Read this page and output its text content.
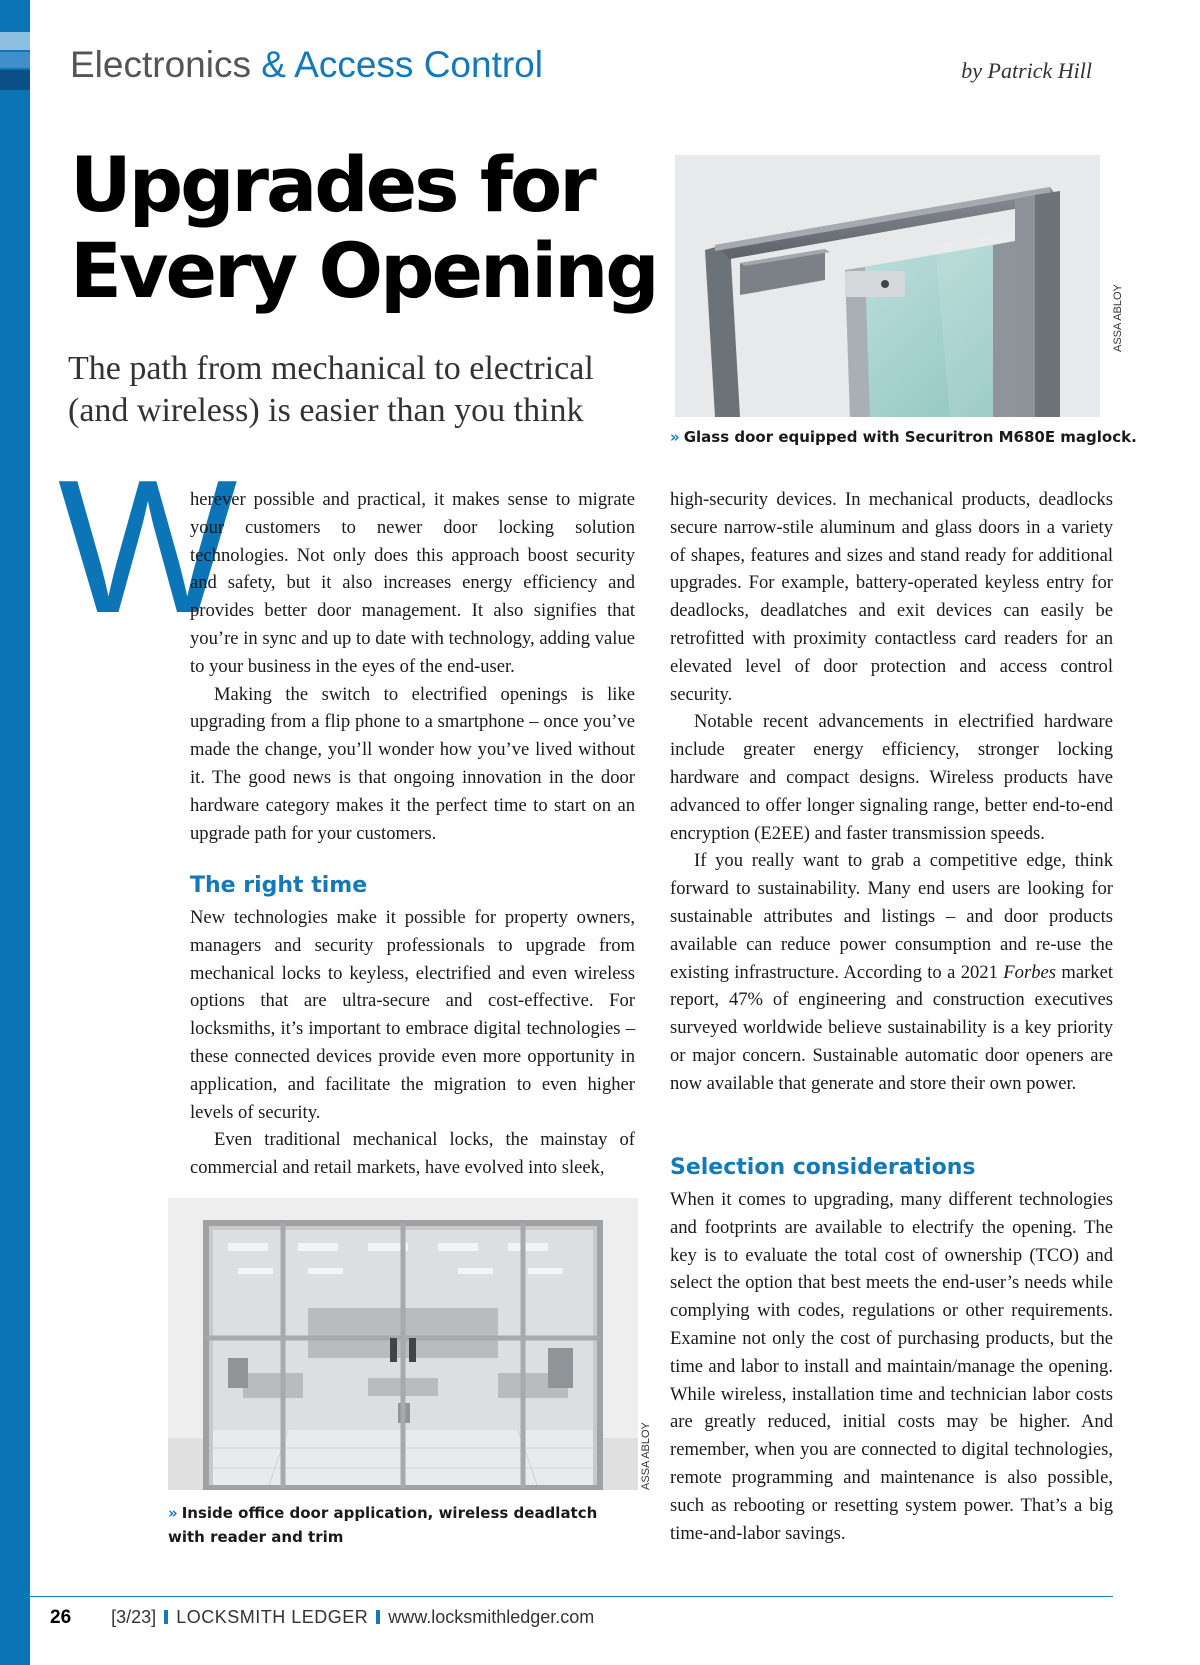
Electronics & Access Control	by Patrick Hill
Upgrades for
Every Opening
The path from mechanical to electrical (and wireless) is easier than you think
ASSA ABLOY
» Glass door equipped with Securitron M680E maglock.
W

herever possible and practical, it makes sense to migrate your customers to newer door locking solution technologies. Not only does this approach boost security and safety, but it also increases energy efficiency and provides better door management. It also signifies that you’re in sync and up to date with technology, adding value to your business in the eyes of the end-user.

Making the switch to electrified openings is like upgrading from a flip phone to a smartphone – once you’ve made the change, you’ll wonder how you’ve lived without it. The good news is that ongoing innovation in the door hardware category makes it the perfect time to start on an upgrade path for your customers.

The right time

New technologies make it possible for property owners, managers and security professionals to upgrade from mechanical locks to keyless, electrified and even wireless options that are ultra-secure and cost-effective. For locksmiths, it’s important to embrace digital technologies – these connected devices provide even more opportunity in application, and facilitate the migration to even higher levels of security.

Even traditional mechanical locks, the mainstay of commercial and retail markets, have evolved into sleek,

ASSA ABLOY
» Inside office door application, wireless deadlatch with reader and trim

high-security devices. In mechanical products, deadlocks secure narrow-stile aluminum and glass doors in a variety of shapes, features and sizes and stand ready for additional upgrades. For example, battery-operated keyless entry for deadlocks, deadlatches and exit devices can easily be retrofitted with proximity contactless card readers for an elevated level of door protection and access control security.

Notable recent advancements in electrified hardware include greater energy efficiency, stronger locking hardware and compact designs. Wireless products have advanced to offer longer signaling range, better end-to-end encryption (E2EE) and faster transmission speeds.

If you really want to grab a competitive edge, think forward to sustainability. Many end users are looking for sustainable attributes and listings – and door products available can reduce power consumption and re-use the existing infrastructure. According to a 2021 Forbes market report, 47% of engineering and construction executives surveyed worldwide believe sustainability is a key priority or major concern. Sustainable automatic door openers are now available that generate and store their own power.

Selection considerations

When it comes to upgrading, many different technologies and footprints are available to electrify the opening. The key is to evaluate the total cost of ownership (TCO) and select the option that best meets the end-user’s needs while complying with codes, regulations or other requirements. Examine not only the cost of purchasing products, but the time and labor to install and maintain/manage the opening. While wireless, installation time and technician labor costs are greatly reduced, initial costs may be higher. And remember, when you are connected to digital technologies, remote programming and maintenance is also possible, such as rebooting or resetting system power. That’s a big time-and-labor savings.

26 [3/23] LOCKSMITH LEDGER www.locksmithledger.com
